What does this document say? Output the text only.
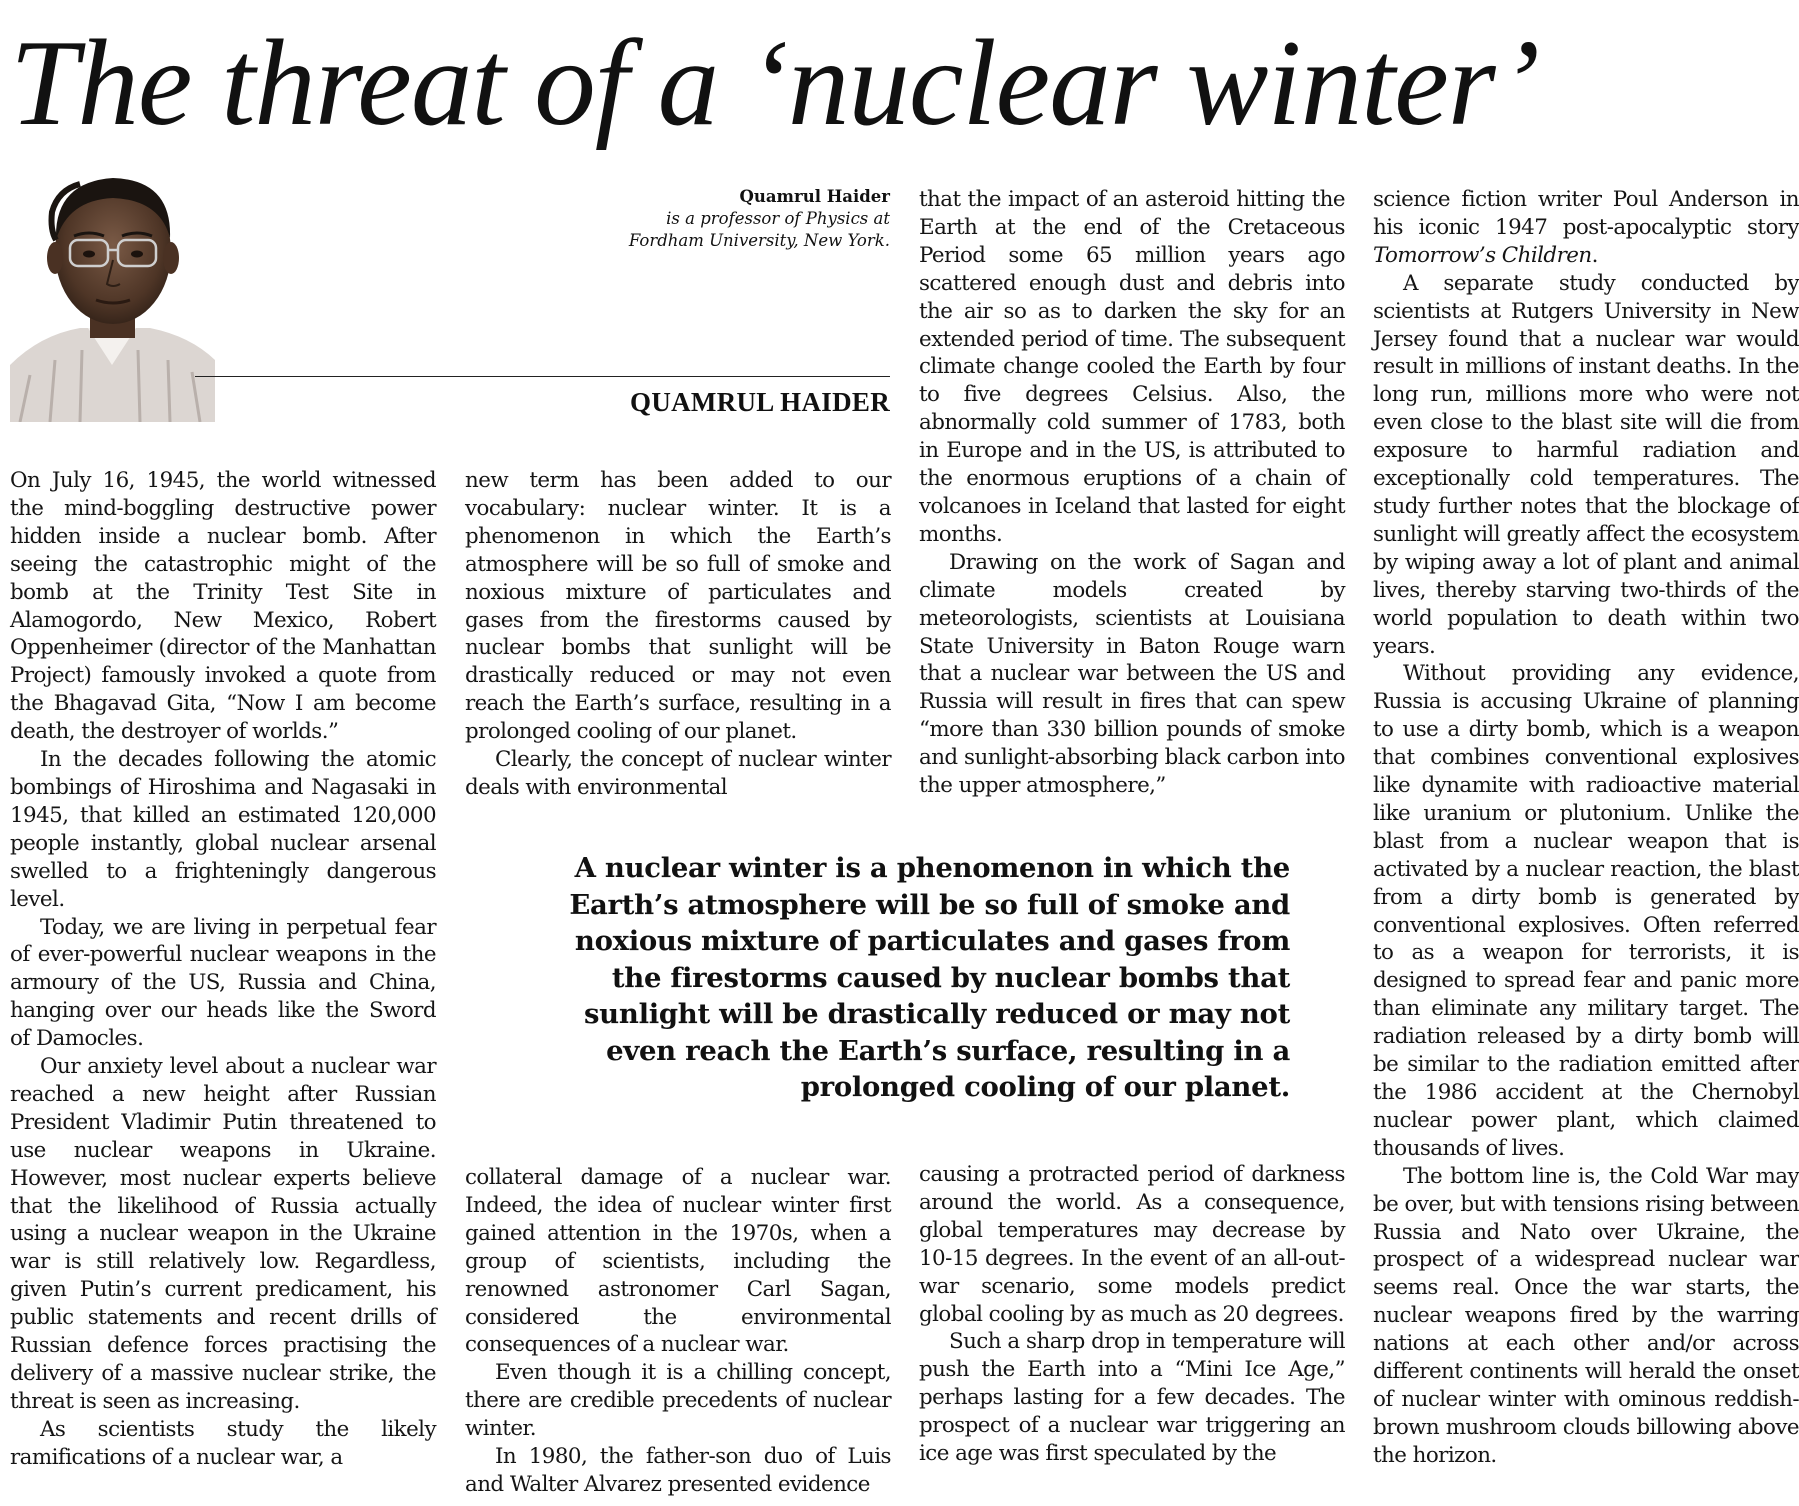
The threat of a ‘nuclear winter’
Quamrul Haider
is a professor of Physics at
Fordham University, New York.
QUAMRUL HAIDER

On July 16, 1945, the world witnessed the mind-boggling destructive power hidden inside a nuclear bomb. After seeing the catastrophic might of the bomb at the Trinity Test Site in Alamogordo, New Mexico, Robert Oppenheimer (director of the Manhattan Project) famously invoked a quote from the Bhagavad Gita, “Now I am become death, the destroyer of worlds.”

In the decades following the atomic bombings of Hiroshima and Nagasaki in 1945, that killed an estimated 120,000 people instantly, global nuclear arsenal swelled to a frighteningly dangerous level.

Today, we are living in perpetual fear of ever-powerful nuclear weapons in the armoury of the US, Russia and China, hanging over our heads like the Sword of Damocles.

Our anxiety level about a nuclear war reached a new height after Russian President Vladimir Putin threatened to use nuclear weapons in Ukraine. However, most nuclear experts believe that the likelihood of Russia actually using a nuclear weapon in the Ukraine war is still relatively low. Regardless, given Putin’s current predicament, his public statements and recent drills of Russian defence forces practising the delivery of a massive nuclear strike, the threat is seen as increasing.

As scientists study the likely ramifications of a nuclear war, a

new term has been added to our vocabulary: nuclear winter. It is a phenomenon in which the Earth’s atmosphere will be so full of smoke and noxious mixture of particulates and gases from the firestorms caused by nuclear bombs that sunlight will be drastically reduced or may not even reach the Earth’s surface, resulting in a prolonged cooling of our planet.

Clearly, the concept of nuclear winter deals with environmental

collateral damage of a nuclear war. Indeed, the idea of nuclear winter first gained attention in the 1970s, when a group of scientists, including the renowned astronomer Carl Sagan, considered the environmental consequences of a nuclear war.

Even though it is a chilling concept, there are credible precedents of nuclear winter.

In 1980, the father-son duo of Luis and Walter Alvarez presented evidence

that the impact of an asteroid hitting the Earth at the end of the Cretaceous Period some 65 million years ago scattered enough dust and debris into the air so as to darken the sky for an extended period of time. The subsequent climate change cooled the Earth by four to five degrees Celsius. Also, the abnormally cold summer of 1783, both in Europe and in the US, is attributed to the enormous eruptions of a chain of volcanoes in Iceland that lasted for eight months.

Drawing on the work of Sagan and climate models created by meteorologists, scientists at Louisiana State University in Baton Rouge warn that a nuclear war between the US and Russia will result in fires that can spew “more than 330 billion pounds of smoke and sunlight-absorbing black carbon into the upper atmosphere,”

causing a protracted period of darkness around the world. As a consequence, global temperatures may decrease by 10-15 degrees. In the event of an all-out-war scenario, some models predict global cooling by as much as 20 degrees.

Such a sharp drop in temperature will push the Earth into a “Mini Ice Age,” perhaps lasting for a few decades. The prospect of a nuclear war triggering an ice age was first speculated by the

science fiction writer Poul Anderson in his iconic 1947 post-apocalyptic story Tomorrow’s Children.

A separate study conducted by scientists at Rutgers University in New Jersey found that a nuclear war would result in millions of instant deaths. In the long run, millions more who were not even close to the blast site will die from exposure to harmful radiation and exceptionally cold temperatures. The study further notes that the blockage of sunlight will greatly affect the ecosystem by wiping away a lot of plant and animal lives, thereby starving two-thirds of the world population to death within two years.

Without providing any evidence, Russia is accusing Ukraine of planning to use a dirty bomb, which is a weapon that combines conventional explosives like dynamite with radioactive material like uranium or plutonium. Unlike the blast from a nuclear weapon that is activated by a nuclear reaction, the blast from a dirty bomb is generated by conventional explosives. Often referred to as a weapon for terrorists, it is designed to spread fear and panic more than eliminate any military target. The radiation released by a dirty bomb will be similar to the radiation emitted after the 1986 accident at the Chernobyl nuclear power plant, which claimed thousands of lives.

The bottom line is, the Cold War may be over, but with tensions rising between Russia and Nato over Ukraine, the prospect of a widespread nuclear war seems real. Once the war starts, the nuclear weapons fired by the warring nations at each other and/or across different continents will herald the onset of nuclear winter with ominous reddish-brown mushroom clouds billowing above the horizon.

A nuclear winter is a phenomenon in which the
Earth’s atmosphere will be so full of smoke and
noxious mixture of particulates and gases from
the firestorms caused by nuclear bombs that
sunlight will be drastically reduced or may not
even reach the Earth’s surface, resulting in a
prolonged cooling of our planet.
